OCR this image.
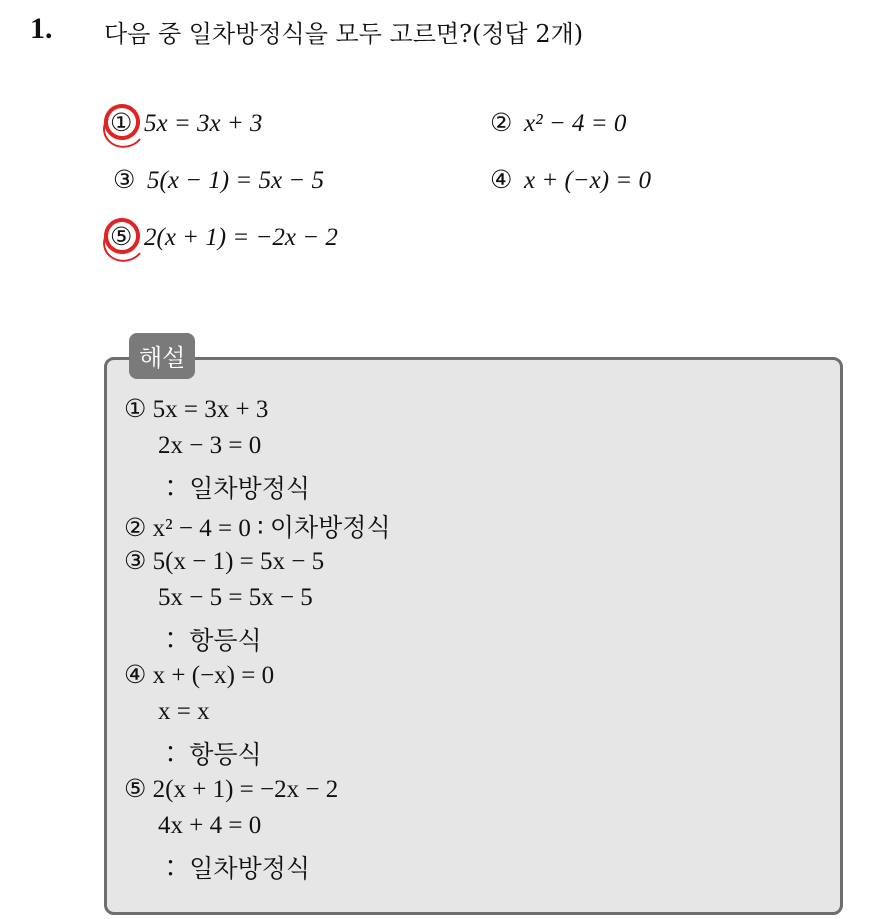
1. 다음 중 일차방정식을 모두 고르면?(정답 2개)
① 5x = 3x + 3	② x² − 4 = 0
③ 5(x − 1) = 5x − 5	④ x + (−x) = 0
⑤ 2(x + 1) = −2x − 2
해설
① 5x = 3x + 3
2x − 3 = 0
∶ 일차방정식
② x² − 4 = 0 ∶ 이차방정식
③ 5(x − 1) = 5x − 5
5x − 5 = 5x − 5
∶ 항등식
④ x + (−x) = 0
x = x
∶ 항등식
⑤ 2(x + 1) = −2x − 2
4x + 4 = 0
∶ 일차방정식
